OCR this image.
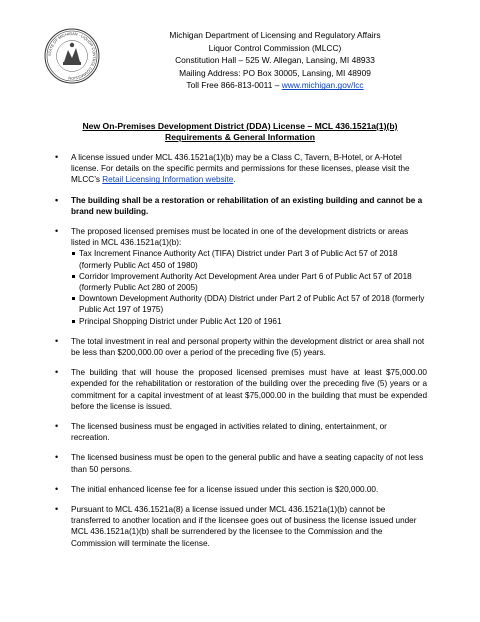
STATE OF MICHIGAN · LIQUOR CONTROL COMMISSION
Michigan Department of Licensing and Regulatory Affairs
Liquor Control Commission (MLCC)
Constitution Hall – 525 W. Allegan, Lansing, MI 48933
Mailing Address: PO Box 30005, Lansing, MI 48909
Toll Free 866-813-0011 – www.michigan.gov/lcc
New On-Premises Development District (DDA) License – MCL 436.1521a(1)(b)
Requirements & General Information
• A license issued under MCL 436.1521a(1)(b) may be a Class C, Tavern, B-Hotel, or A-Hotel license. For details on the specific permits and permissions for these licenses, please visit the MLCC’s Retail Licensing Information website.
• The building shall be a restoration or rehabilitation of an existing building and cannot be a brand new building.
• The proposed licensed premises must be located in one of the development districts or areas listed in MCL 436.1521a(1)(b):
Tax Increment Finance Authority Act (TIFA) District under Part 3 of Public Act 57 of 2018 (formerly Public Act 450 of 1980)
Corridor Improvement Authority Act Development Area under Part 6 of Public Act 57 of 2018 (formerly Public Act 280 of 2005)
Downtown Development Authority (DDA) District under Part 2 of Public Act 57 of 2018 (formerly Public Act 197 of 1975)
Principal Shopping District under Public Act 120 of 1961
• The total investment in real and personal property within the development district or area shall not be less than $200,000.00 over a period of the preceding five (5) years.
• The building that will house the proposed licensed premises must have at least $75,000.00 expended for the rehabilitation or restoration of the building over the preceding five (5) years or a commitment for a capital investment of at least $75,000.00 in the building that must be expended before the license is issued.
• The licensed business must be engaged in activities related to dining, entertainment, or recreation.
• The licensed business must be open to the general public and have a seating capacity of not less than 50 persons.
• The initial enhanced license fee for a license issued under this section is $20,000.00.
• Pursuant to MCL 436.1521a(8) a license issued under MCL 436.1521a(1)(b) cannot be transferred to another location and if the licensee goes out of business the license issued under MCL 436.1521a(1)(b) shall be surrendered by the licensee to the Commission and the Commission will terminate the license.
